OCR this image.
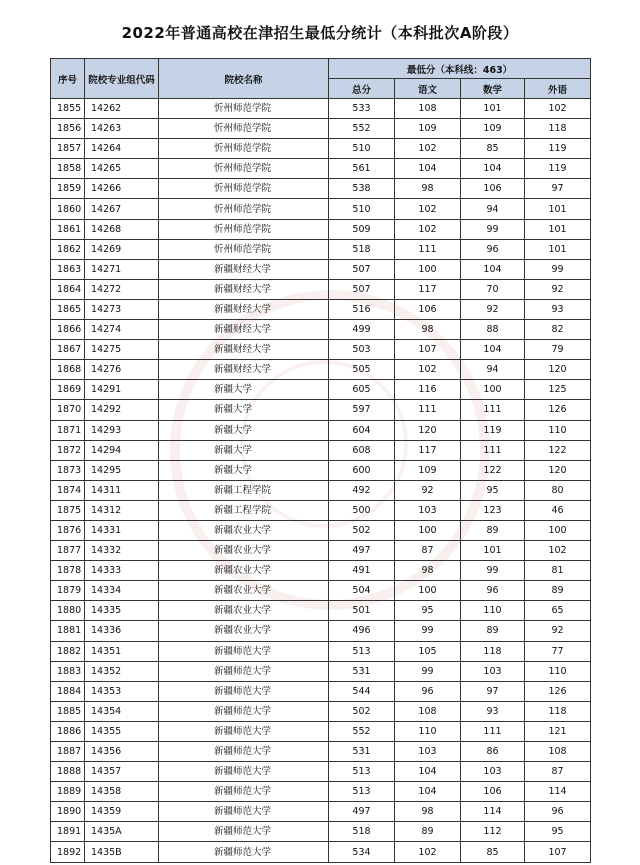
2022年普通高校在津招生最低分统计（本科批次A阶段）
序号	院校专业组代码	院校名称	最低分（本科线：463）			
			总分	语文	数学	外语
1855	14262	忻州师范学院	533	108	101	102
1856	14263	忻州师范学院	552	109	109	118
1857	14264	忻州师范学院	510	102	85	119
1858	14265	忻州师范学院	561	104	104	119
1859	14266	忻州师范学院	538	98	106	97
1860	14267	忻州师范学院	510	102	94	101
1861	14268	忻州师范学院	509	102	99	101
1862	14269	忻州师范学院	518	111	96	101
1863	14271	新疆财经大学	507	100	104	99
1864	14272	新疆财经大学	507	117	70	92
1865	14273	新疆财经大学	516	106	92	93
1866	14274	新疆财经大学	499	98	88	82
1867	14275	新疆财经大学	503	107	104	79
1868	14276	新疆财经大学	505	102	94	120
1869	14291	新疆大学	605	116	100	125
1870	14292	新疆大学	597	111	111	126
1871	14293	新疆大学	604	120	119	110
1872	14294	新疆大学	608	117	111	122
1873	14295	新疆大学	600	109	122	120
1874	14311	新疆工程学院	492	92	95	80
1875	14312	新疆工程学院	500	103	123	46
1876	14331	新疆农业大学	502	100	89	100
1877	14332	新疆农业大学	497	87	101	102
1878	14333	新疆农业大学	491	98	99	81
1879	14334	新疆农业大学	504	100	96	89
1880	14335	新疆农业大学	501	95	110	65
1881	14336	新疆农业大学	496	99	89	92
1882	14351	新疆师范大学	513	105	118	77
1883	14352	新疆师范大学	531	99	103	110
1884	14353	新疆师范大学	544	96	97	126
1885	14354	新疆师范大学	502	108	93	118
1886	14355	新疆师范大学	552	110	111	121
1887	14356	新疆师范大学	531	103	86	108
1888	14357	新疆师范大学	513	104	103	87
1889	14358	新疆师范大学	513	104	106	114
1890	14359	新疆师范大学	497	98	114	96
1891	1435A	新疆师范大学	518	89	112	95
1892	1435B	新疆师范大学	534	102	85	107
